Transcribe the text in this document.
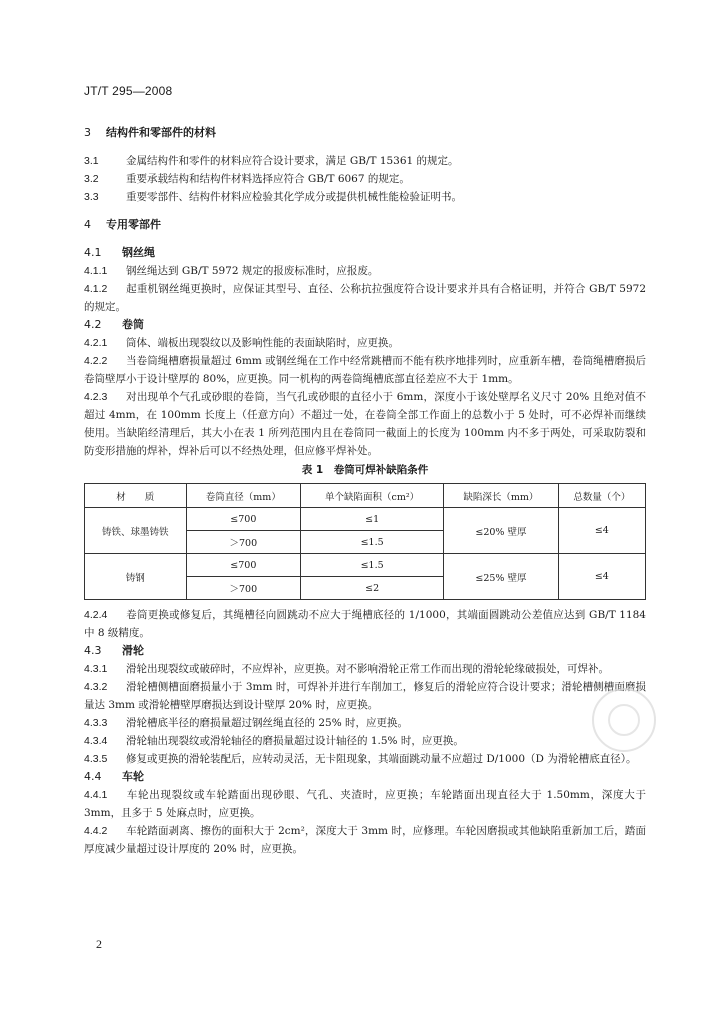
JT/T 295—2008
3 结构件和零部件的材料

3.1	金属结构件和零件的材料应符合设计要求，满足 GB/T 15361 的规定。

3.2	重要承载结构和结构件材料选择应符合 GB/T 6067 的规定。

3.3	重要零部件、结构件材料应检验其化学成分或提供机械性能检验证明书。

4 专用零部件
4.1 钢丝绳

4.1.1 钢丝绳达到 GB/T 5972 规定的报废标准时，应报废。

4.1.2 起重机钢丝绳更换时，应保证其型号、直径、公称抗拉强度符合设计要求并具有合格证明，并符合 GB/T 5972 的规定。

4.2 卷筒

4.2.1 筒体、端板出现裂纹以及影响性能的表面缺陷时，应更换。

4.2.2 当卷筒绳槽磨损量超过 6mm 或钢丝绳在工作中经常跳槽而不能有秩序地排列时，应重新车槽，卷筒绳槽磨损后卷筒壁厚小于设计壁厚的 80%，应更换。同一机构的两卷筒绳槽底部直径差应不大于 1mm。

4.2.3 对出现单个气孔或砂眼的卷筒，当气孔或砂眼的直径小于 6mm，深度小于该处壁厚名义尺寸 20% 且绝对值不超过 4mm，在 100mm 长度上（任意方向）不超过一处，在卷筒全部工作面上的总数小于 5 处时，可不必焊补而继续使用。当缺陷经清理后，其大小在表 1 所列范围内且在卷筒同一截面上的长度为 100mm 内不多于两处，可采取防裂和防变形措施的焊补，焊补后可以不经热处理，但应修平焊补处。

表 1　卷筒可焊补缺陷条件
材　　质	卷筒直径（mm）	单个缺陷面积（cm²）	缺陷深长（mm）	总数量（个）
铸铁、球墨铸铁	≤700	≤1	≤20% 壁厚	≤4
	＞700	≤1.5		
铸钢	≤700	≤1.5	≤25% 壁厚	≤4
	＞700	≤2		

4.2.4 卷筒更换或修复后，其绳槽径向圆跳动不应大于绳槽底径的 1/1000，其端面圆跳动公差值应达到 GB/T 1184 中 8 级精度。

4.3 滑轮

4.3.1 滑轮出现裂纹或破碎时，不应焊补，应更换。对不影响滑轮正常工作而出现的滑轮轮缘破损处，可焊补。

4.3.2 滑轮槽侧槽面磨损量小于 3mm 时，可焊补并进行车削加工，修复后的滑轮应符合设计要求；滑轮槽侧槽面磨损量达 3mm 或滑轮槽壁厚磨损达到设计壁厚 20% 时，应更换。

4.3.3 滑轮槽底半径的磨损量超过钢丝绳直径的 25% 时，应更换。

4.3.4 滑轮轴出现裂纹或滑轮轴径的磨损量超过设计轴径的 1.5% 时，应更换。

4.3.5 修复或更换的滑轮装配后，应转动灵活，无卡阻现象，其端面跳动量不应超过 D/1000（D 为滑轮槽底直径）。

4.4 车轮

4.4.1 车轮出现裂纹或车轮踏面出现砂眼、气孔、夹渣时，应更换；车轮踏面出现直径大于 1.50mm，深度大于 3mm，且多于 5 处麻点时，应更换。

4.4.2 车轮踏面剥离、擦伤的面积大于 2cm²，深度大于 3mm 时，应修理。车轮因磨损或其他缺陷重新加工后，踏面厚度减少量超过设计厚度的 20% 时，应更换。

2
